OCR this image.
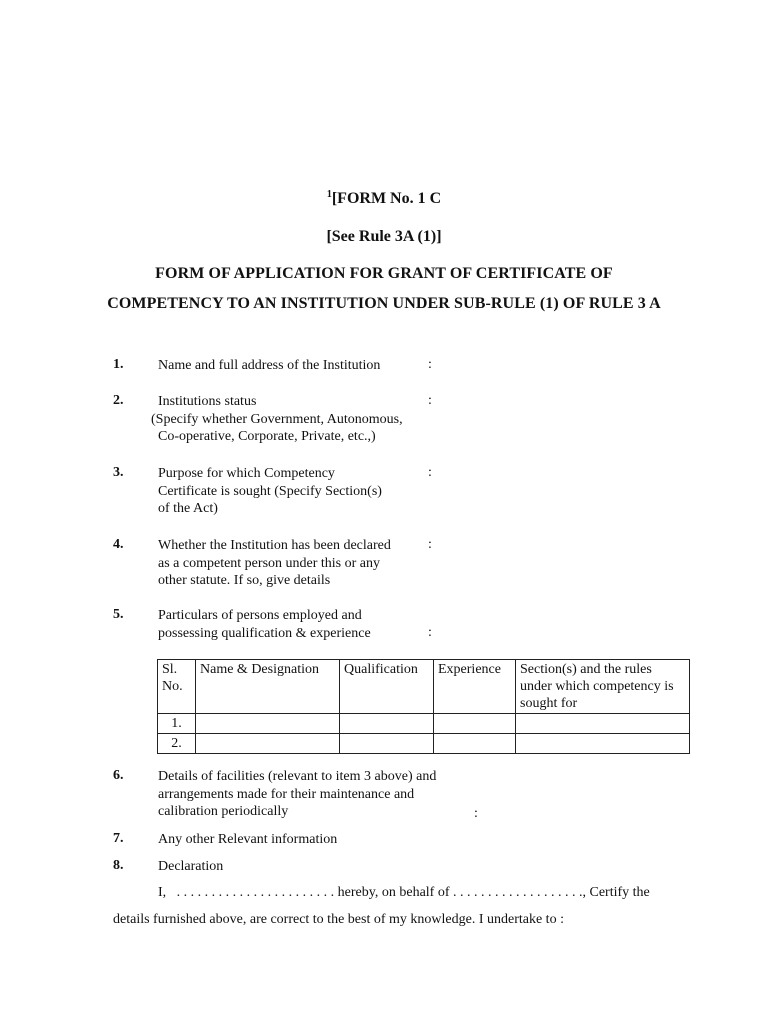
$^1$[FORM No. 1 C
[See Rule 3A (1)]
FORM OF APPLICATION FOR GRANT OF CERTIFICATE OF
COMPETENCY TO AN INSTITUTION UNDER SUB-RULE (1) OF RULE 3 A
1. Name and full address of the Institution	:
2. Institutions status
(Specify whether Government, Autonomous,
Co-operative, Corporate, Private, etc.,)
:
3. Purpose for which Competency
Certificate is sought (Specify Section(s)
of the Act)
:
4. Whether the Institution has been declared
as a competent person under this or any
other statute. If so, give details
:
5. Particulars of persons employed and
possessing qualification & experience	:
Sl. No.	Name & Designation	Qualification	Experience	Section(s) and the rules under which competency is sought for
1.				
2.				
6. Details of facilities (relevant to item 3 above) and
arrangements made for their maintenance and
calibration periodically	:
7. Any other Relevant information
8. Declaration
I, . . . . . . . . . . . . . . . . . . . . . . . hereby, on behalf of . . . . . . . . . . . . . . . . . . ., Certify the
details furnished above, are correct to the best of my knowledge. I undertake to :
